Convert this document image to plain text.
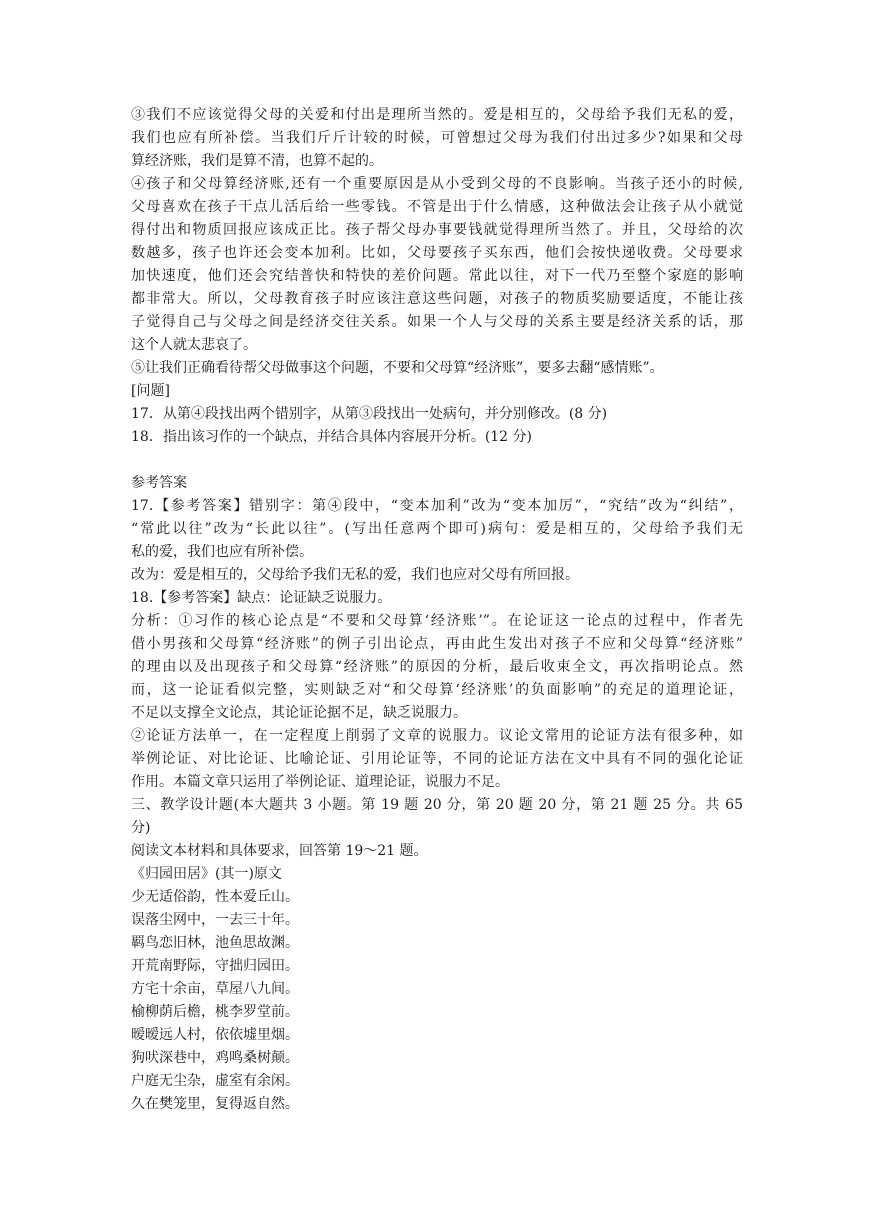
③我们不应该觉得父母的关爱和付出是理所当然的。爱是相互的，父母给予我们无私的爱，
我们也应有所补偿。当我们斤斤计较的时候，可曾想过父母为我们付出过多少?如果和父母
算经济账，我们是算不清，也算不起的。
④孩子和父母算经济账,还有一个重要原因是从小受到父母的不良影响。当孩子还小的时候,
父母喜欢在孩子干点儿活后给一些零钱。不管是出于什么情感，这种做法会让孩子从小就觉
得付出和物质回报应该成正比。孩子帮父母办事要钱就觉得理所当然了。并且，父母给的次
数越多，孩子也许还会变本加利。比如，父母要孩子买东西，他们会按快递收费。父母要求
加快速度，他们还会究结普快和特快的差价问题。常此以往，对下一代乃至整个家庭的影响
都非常大。所以，父母教育孩子时应该注意这些问题，对孩子的物质奖励要适度，不能让孩
子觉得自己与父母之间是经济交往关系。如果一个人与父母的关系主要是经济关系的话，那
这个人就太悲哀了。
⑤让我们正确看待帮父母做事这个问题，不要和父母算“经济账”，要多去翻“感情账”。
[问题]
17．从第④段找出两个错别字，从第③段找出一处病句，并分别修改。(8 分)
18．指出该习作的一个缺点，并结合具体内容展开分析。(12 分)
参考答案
17.【参考答案】错别字：第④段中，“变本加利”改为“变本加厉”，“究结”改为“纠结”，
“常此以往”改为“长此以往”。(写出任意两个即可)病句：爱是相互的，父母给予我们无
私的爱，我们也应有所补偿。
改为：爱是相互的，父母给予我们无私的爱，我们也应对父母有所回报。
18.【参考答案】缺点：论证缺乏说服力。
分析：①习作的核心论点是“不要和父母算‘经济账’”。在论证这一论点的过程中，作者先
借小男孩和父母算“经济账”的例子引出论点，再由此生发出对孩子不应和父母算“经济账”
的理由以及出现孩子和父母算“经济账”的原因的分析，最后收束全文，再次指明论点。然
而，这一论证看似完整，实则缺乏对“和父母算‘经济账’的负面影响”的充足的道理论证，
不足以支撑全文论点，其论证论据不足，缺乏说服力。
②论证方法单一，在一定程度上削弱了文章的说服力。议论文常用的论证方法有很多种，如
举例论证、对比论证、比喻论证、引用论证等，不同的论证方法在文中具有不同的强化论证
作用。本篇文章只运用了举例论证、道理论证，说服力不足。
三、教学设计题(本大题共 3 小题。第 19 题 20 分，第 20 题 20 分，第 21 题 25 分。共 65
分)
阅读文本材料和具体要求，回答第 19～21 题。
《归园田居》(其一)原文
少无适俗韵，性本爱丘山。
误落尘网中，一去三十年。
羁鸟恋旧林，池鱼思故渊。
开荒南野际，守拙归园田。
方宅十余亩，草屋八九间。
榆柳荫后檐，桃李罗堂前。
暧暧远人村，依依墟里烟。
狗吠深巷中，鸡鸣桑树颠。
户庭无尘杂，虚室有余闲。
久在樊笼里，复得返自然。
